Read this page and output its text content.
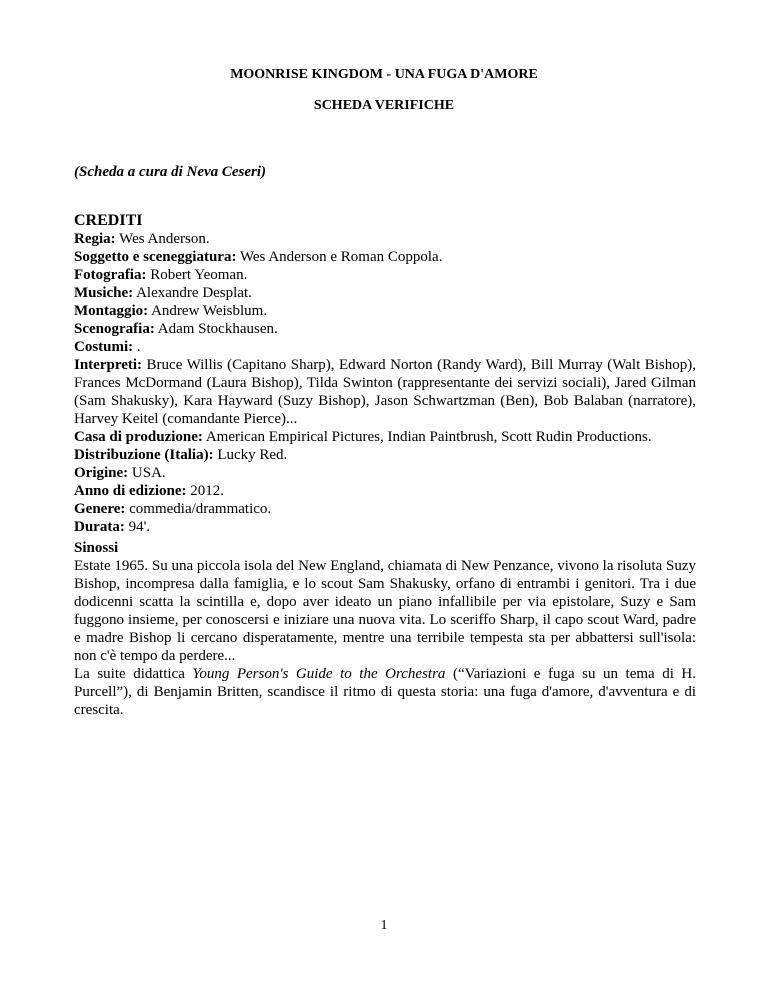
MOONRISE KINGDOM - UNA FUGA D'AMORE
SCHEDA VERIFICHE
(Scheda a cura di Neva Ceseri)
CREDITI

Regia: Wes Anderson.

Soggetto e sceneggiatura: Wes Anderson e Roman Coppola.

Fotografia: Robert Yeoman.

Musiche: Alexandre Desplat.

Montaggio: Andrew Weisblum.

Scenografia: Adam Stockhausen.

Costumi: .

Interpreti: Bruce Willis (Capitano Sharp), Edward Norton (Randy Ward), Bill Murray (Walt Bishop), Frances McDormand (Laura Bishop), Tilda Swinton (rappresentante dei servizi sociali), Jared Gilman (Sam Shakusky), Kara Hayward (Suzy Bishop), Jason Schwartzman (Ben), Bob Balaban (narratore), Harvey Keitel (comandante Pierce)...

Casa di produzione: American Empirical Pictures, Indian Paintbrush, Scott Rudin Productions.

Distribuzione (Italia): Lucky Red.

Origine: USA.

Anno di edizione: 2012.

Genere: commedia/drammatico.

Durata: 94'.

Sinossi

Estate 1965. Su una piccola isola del New England, chiamata di New Penzance, vivono la risoluta Suzy Bishop, incompresa dalla famiglia, e lo scout Sam Shakusky, orfano di entrambi i genitori. Tra i due dodicenni scatta la scintilla e, dopo aver ideato un piano infallibile per via epistolare, Suzy e Sam fuggono insieme, per conoscersi e iniziare una nuova vita. Lo sceriffo Sharp, il capo scout Ward, padre e madre Bishop li cercano disperatamente, mentre una terribile tempesta sta per abbattersi sull'isola: non c'è tempo da perdere...

La suite didattica Young Person's Guide to the Orchestra (“Variazioni e fuga su un tema di H. Purcell”), di Benjamin Britten, scandisce il ritmo di questa storia: una fuga d'amore, d'avventura e di crescita.

1
